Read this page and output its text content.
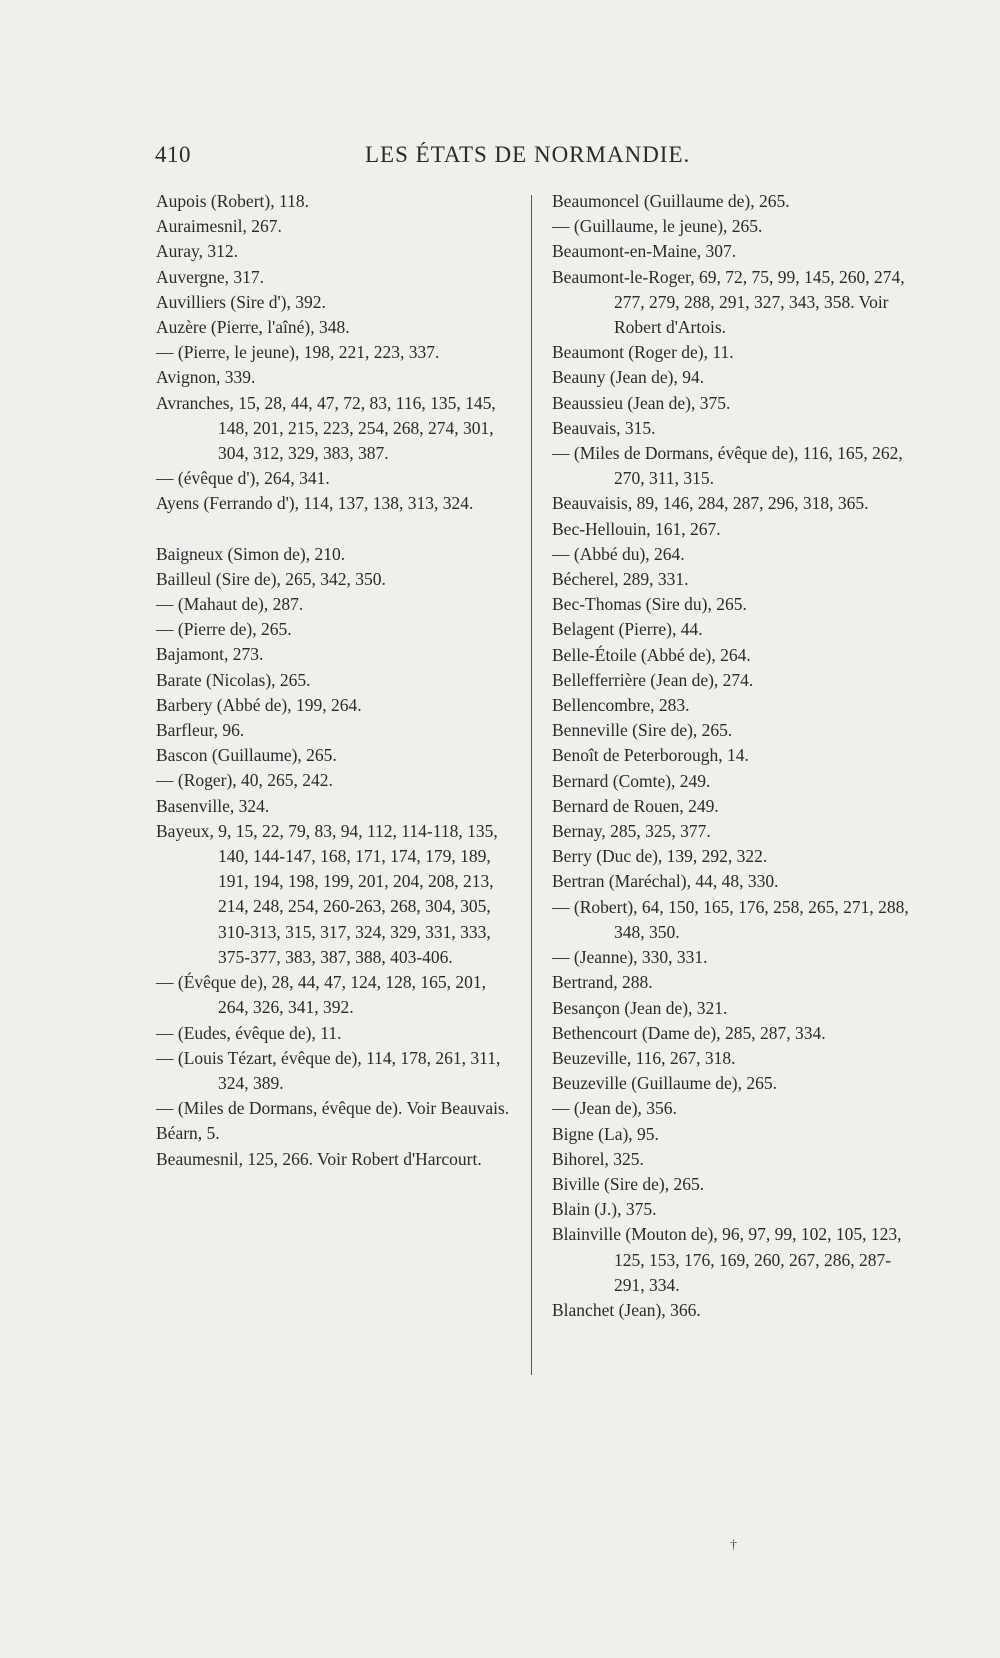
410	LES ÉTATS DE NORMANDIE.

Aupois (Robert), 118.

Auraimesnil, 267.

Auray, 312.

Auvergne, 317.

Auvilliers (Sire d'), 392.

Auzère (Pierre, l'aîné), 348.

— (Pierre, le jeune), 198, 221, 223, 337.

Avignon, 339.

Avranches, 15, 28, 44, 47, 72, 83, 116, 135, 145, 148, 201, 215, 223, 254, 268, 274, 301, 304, 312, 329, 383, 387.

— (évêque d'), 264, 341.

Ayens (Ferrando d'), 114, 137, 138, 313, 324.

Baigneux (Simon de), 210.

Bailleul (Sire de), 265, 342, 350.

— (Mahaut de), 287.

— (Pierre de), 265.

Bajamont, 273.

Barate (Nicolas), 265.

Barbery (Abbé de), 199, 264.

Barfleur, 96.

Bascon (Guillaume), 265.

— (Roger), 40, 265, 242.

Basenville, 324.

Bayeux, 9, 15, 22, 79, 83, 94, 112, 114-118, 135, 140, 144-147, 168, 171, 174, 179, 189, 191, 194, 198, 199, 201, 204, 208, 213, 214, 248, 254, 260-263, 268, 304, 305, 310-313, 315, 317, 324, 329, 331, 333, 375-377, 383, 387, 388, 403-406.

— (Évêque de), 28, 44, 47, 124, 128, 165, 201, 264, 326, 341, 392.

— (Eudes, évêque de), 11.

— (Louis Tézart, évêque de), 114, 178, 261, 311, 324, 389.

— (Miles de Dormans, évêque de). Voir Beauvais.

Béarn, 5.

Beaumesnil, 125, 266. Voir Robert d'Harcourt.

Beaumoncel (Guillaume de), 265.

— (Guillaume, le jeune), 265.

Beaumont-en-Maine, 307.

Beaumont-le-Roger, 69, 72, 75, 99, 145, 260, 274, 277, 279, 288, 291, 327, 343, 358. Voir Robert d'Artois.

Beaumont (Roger de), 11.

Beauny (Jean de), 94.

Beaussieu (Jean de), 375.

Beauvais, 315.

— (Miles de Dormans, évêque de), 116, 165, 262, 270, 311, 315.

Beauvaisis, 89, 146, 284, 287, 296, 318, 365.

Bec-Hellouin, 161, 267.

— (Abbé du), 264.

Bécherel, 289, 331.

Bec-Thomas (Sire du), 265.

Belagent (Pierre), 44.

Belle-Étoile (Abbé de), 264.

Bellefferrière (Jean de), 274.

Bellencombre, 283.

Benneville (Sire de), 265.

Benoît de Peterborough, 14.

Bernard (Comte), 249.

Bernard de Rouen, 249.

Bernay, 285, 325, 377.

Berry (Duc de), 139, 292, 322.

Bertran (Maréchal), 44, 48, 330.

— (Robert), 64, 150, 165, 176, 258, 265, 271, 288, 348, 350.

— (Jeanne), 330, 331.

Bertrand, 288.

Besançon (Jean de), 321.

Bethencourt (Dame de), 285, 287, 334.

Beuzeville, 116, 267, 318.

Beuzeville (Guillaume de), 265.

— (Jean de), 356.

Bigne (La), 95.

Bihorel, 325.

Biville (Sire de), 265.

Blain (J.), 375.

Blainville (Mouton de), 96, 97, 99, 102, 105, 123, 125, 153, 176, 169, 260, 267, 286, 287-291, 334.

Blanchet (Jean), 366.

†
